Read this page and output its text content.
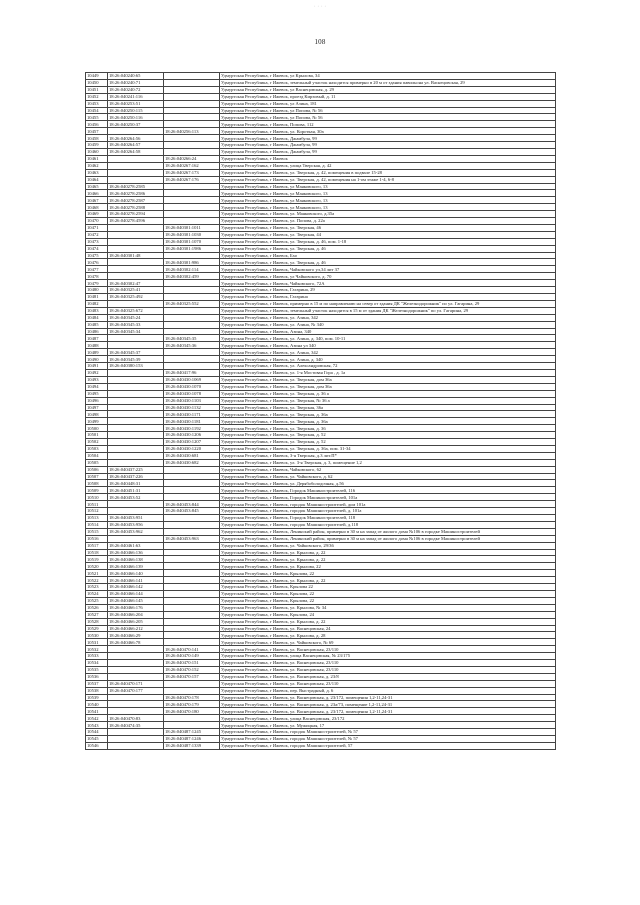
· · · ·
108
10449	18:26:040240:65		Удмуртская Республика, г Ижевск, ул Крылова, 34
10450	18:26:040240:71		Удмуртская Республика, г Ижевск, земельный участок находится примерно в 20 м от здания павильона ул. Васнецовская, 29
10451	18:26:040240:72		Удмуртская Республика, г Ижевск, ул Васнецовская, д. 29
10452	18:26:040241:116		Удмуртская Республика, г Ижевск, проезд Кирзовый, д. 11
10453	18:26:040253:51		Удмуртская Республика, г Ижевск, ул Азина, 181
10454	18:26:040250:115		Удмуртская Республика, г Ижевск, ул Попова, № 56
10455	18:26:040250:116		Удмуртская Республика, г Ижевск, ул Попова, № 56
10456	18:26:040250:37		Удмуртская Республика, г Ижевск, Попова, 112
10457		18:26:040256:113	Удмуртская Республика, г Ижевск, ул. Короткая, 30а
10458	18:26:040264:56		Удмуртская Республика, г Ижевск, Джамбула, 99
10459	18:26:040264:57		Удмуртская Республика, г Ижевск, Джамбула, 99
10460	18:26:040264:58		Удмуртская Республика, г Ижевск, Джамбула, 99
10461		18:26:040266:24	Удмуртская Республика, г Ижевск
10462		18:26:040267:162	Удмуртская Республика, г Ижевск, улица Тверская, д. 42
10463		18:26:040267:173	Удмуртская Республика, г Ижевск, ул. Тверская, д. 42, помещения в подвале 15-28
10464		18:26:040267:176	Удмуртская Республика, г Ижевск, ул. Тверская, д. 42, помещения на 1-ом этаже 1-4, 6-8
10465	18:26:040278:2585		Удмуртская Республика, г Ижевск, ул Маяковского, 13
10466	18:26:040278:2586		Удмуртская Республика, г Ижевск, ул Маяковского, 13
10467	18:26:040278:2587		Удмуртская Республика, г Ижевск, ул Маяковского, 13
10468	18:26:040278:2588		Удмуртская Республика, г Ижевск, ул Маяковского, 13
10469	18:26:040278:2594		Удмуртская Республика, г Ижевск, ул. Маяковского, д.35а
10470	18:26:040278:4596		Удмуртская Республика, г Ижевск, ул. Попова, д. 22а
10471		18:26:040301:1011	Удмуртская Республика, г Ижевск, ул. Тверская, 46
10472		18:26:040301:1030	Удмуртская Республика, г Ижевск, ул. Тверская, 44
10473		18:26:040301:1070	Удмуртская Республика, г Ижевск, ул. Тверская, д. 46, пом. 1-18
10474		18:26:040301:1986	Удмуртская Республика, г Ижевск, ул. Тверская, д. 46
10475	18:26:040301:48		Удмуртская Республика, г Ижевск, Бхо
10476		18:26:040301:986	Удмуртская Республика, г Ижевск, ул. Тверская, д. 46
10477		18:26:040302:114	Удмуртская Республика, г Ижевск, Чайковского ул,34 лит 37
10478		18:26:040302:459	Удмуртская Республика, г Ижевск, ул Чайковского, д. 70
10479	18:26:040302:47		Удмуртская Республика, г Ижевск, Чайковского, 72А
10480	18:26:040325:41		Удмуртская Республика, г Ижевск, Гагарина, 29
10481	18:26:040325:492		Удмуртская Республика, г Ижевск, Гагарина
10482		18:26:040325:552	Удмуртская Республика, г Ижевск, примерно в 15 м по направлению на север от здания ДК "Железнодорожник" по ул. Гагарина, 29
10483	18:26:040325:672		Удмуртская Республика, г Ижевск, земельный участок находится в 15 м от здания ДК "Железнодорожник" по ул. Гагарина, 29
10484	18:26:040345:24		Удмуртская Республика, г Ижевск, ул. Азина, 342
10485	18:26:040345:33		Удмуртская Республика, г Ижевск, ул. Азина, № 340
10486	18:26:040345:34		Удмуртская Республика, г Ижевск, Азина, 340
10487		18:26:040345:35	Удмуртская Республика, г Ижевск, ул. Азина, д. 340, пом. 10-11
10488		18:26:040345:36	Удмуртская Республика, г Ижевск, Азина ул 340
10489	18:26:040345:37		Удмуртская Республика, г Ижевск, ул. Азина, 342
10490	18:26:040345:39		Удмуртская Республика, г Ижевск, ул. Азина, д. 340
10491	18:26:040380:153		Удмуртская Республика, г Ижевск, ул. Александровская, 72
10492		18:26:040417:96	Удмуртская Республика, г Ижевск, ул. 1-я Мостовая Гора , д. 1а
10493		18:26:040430:1069	Удмуртская Республика, г Ижевск, ул. Тверская, дом 36а
10494		18:26:040430:1070	Удмуртская Республика, г Ижевск, ул. Тверская, дом 36а
10495		18:26:040430:1078	Удмуртская Республика, г Ижевск, ул. Тверская, д. 36 а
10496		18:26:040430:1103	Удмуртская Республика, г Ижевск, ул. Тверская, № 36 а
10497		18:26:040430:1132	Удмуртская Республика, г Ижевск, ул. Тверская, 36а
10498		18:26:040430:1171	Удмуртская Республика, г Ижевск, ул. Тверская, д. 36а
10499		18:26:040430:1181	Удмуртская Республика, г Ижевск, ул. Тверская, д. 36а
10500		18:26:040430:1192	Удмуртская Республика, г Ижевск, ул. Тверская, д. 36
10501		18:26:040430:1206	Удмуртская Республика, г Ижевск, ул. Тверская, д. 52
10502		18:26:040430:1207	Удмуртская Республика, г Ижевск, ул. Тверская, д. 52
10503		18:26:040430:1220	Удмуртская Республика, г Ижевск, ул. Тверская, д. 36а, пом. 31-34
10504		18:26:040430:681	Удмуртская Республика, г Ижевск, 3-я Тверская, д.3 лит.П*
10505		18:26:040430:682	Удмуртская Республика, г Ижевск, ул. 3-я Тверская, д. 3, помещение 1,2
10506	18:26:040437:225		Удмуртская Республика, г Ижевск, Чайковского, 62
10507	18:26:040437:226		Удмуртская Республика, г Ижевск, ул. Чайковского, д. 62
10508	18:26:040448:31		Удмуртская Республика, г Ижевск, ул. Дерябоболодочная, д.56
10509	18:26:040451:31		Удмуртская Республика, г Ижевск, Городок Машиностроителей, 116
10510	18:26:040453:52		Удмуртская Республика, г Ижевск, Городок Машиностроителей, 101а
10511		18:26:040453:844	Удмуртская Республика, г Ижевск, городок Машиностроителей, дом 101а
10512		18:26:040453:845	Удмуртская Республика, г Ижевск, городок Машиностроителей, д. 101а
10513	18:26:040453:951		Удмуртская Республика, г Ижевск, Городок Машиностроителей, 118
10514	18:26:040453:956		Удмуртская Республика, г Ижевск, городок Машиностроителей, д.118
10515	18:26:040453:962		Удмуртская Республика, г Ижевск, Ленинский район, примерно в 30 м на запад от жилого дома №106 в городке Машиностроителей
10516		18:26:040453:963	Удмуртская Республика, г Ижевск, Ленинский район, примерно в 30 м на запад от жилого дома №106 в городке Машиностроителей
10517	18:26:040461:63		Удмуртская Республика, г Ижевск, ул. Чайковского, 29/36
10518	18:26:040466:136		Удмуртская Республика, г Ижевск, ул. Крылова, д. 22
10519	18:26:040466:138		Удмуртская Республика, г Ижевск, ул. Крылова, д. 22
10520	18:26:040466:139		Удмуртская Республика, г Ижевск, ул. Крылова, 22
10521	18:26:040466:140		Удмуртская Республика, г Ижевск, Крылова, 22
10522	18:26:040466:141		Удмуртская Республика, г Ижевск, ул. Крылова, д. 22
10523	18:26:040466:142		Удмуртская Республика, г Ижевск, Крылова 22
10524	18:26:040466:144		Удмуртская Республика, г Ижевск, Крылова, 22
10525	18:26:040466:145		Удмуртская Республика, г Ижевск, Крылова, 22
10526	18:26:040466:176		Удмуртская Республика, г Ижевск, ул. Крылова, № 34
10527	18:26:040466:204		Удмуртская Республика, г Ижевск, Крылова, 24
10528	18:26:040466:205		Удмуртская Республика, г Ижевск, ул. Крылова, д. 22
10529	18:26:040466:212		Удмуртская Республика, г Ижевск, ул. Васнецовская, 24
10530	18:26:040466:29		Удмуртская Республика, г Ижевск, ул. Крылова, д. 28
10531	18:26:040466:78		Удмуртская Республика, г Ижевск, ул. Чайковского, № 69
10532		18:26:040470:141	Удмуртская Республика, г Ижевск, ул. Васнецовская, 23/110
10533		18:26:040470:149	Удмуртская Республика, г Ижевск, улица Васнецовская, № 23/175
10534		18:26:040470:151	Удмуртская Республика, г Ижевск, ул. Васнецовская, 23/110
10535		18:26:040470:152	Удмуртская Республика, г Ижевск, ул. Васнецовская, 23/110
10536		18:26:040470:157	Удмуртская Республика, г Ижевск, ул. Васнецовская, д. 23/8
10537	18:26:040470:171		Удмуртская Республика, г Ижевск, ул. Васнецовская, 23/110
10538	18:26:040470:177		Удмуртская Республика, г Ижевск, пер. Выстрадный, д. 6
10539		18:26:040470:178	Удмуртская Республика, г Ижевск, ул. Васнецовская, д. 23/172, помещения 1,2-11,24-31
10540		18:26:040470:179	Удмуртская Республика, г Ижевск, ул. Васнецовская, д. 23а/73, помещение 1,2-11,24-31
10541		18:26:040470:180	Удмуртская Республика, г Ижевск, ул. Васнецовская, д. 23/172, помещения 1,2-11,24-31
10542	18:26:040470:83		Удмуртская Республика, г Ижевск, улица Васнецовская, 23/172
10543	18:26:040474:35		Удмуртская Республика, г Ижевск, ул. Мужицкая, 17
10544		18:26:040487:1245	Удмуртская Республика, г Ижевск, городок Машиностроителей, № 57
10545		18:26:040487:1246	Удмуртская Республика, г Ижевск, городок Машиностроителей, № 57
10546		18:26:040487:1339	Удмуртская Республика, г Ижевск, городок Машиностроителей, 57
